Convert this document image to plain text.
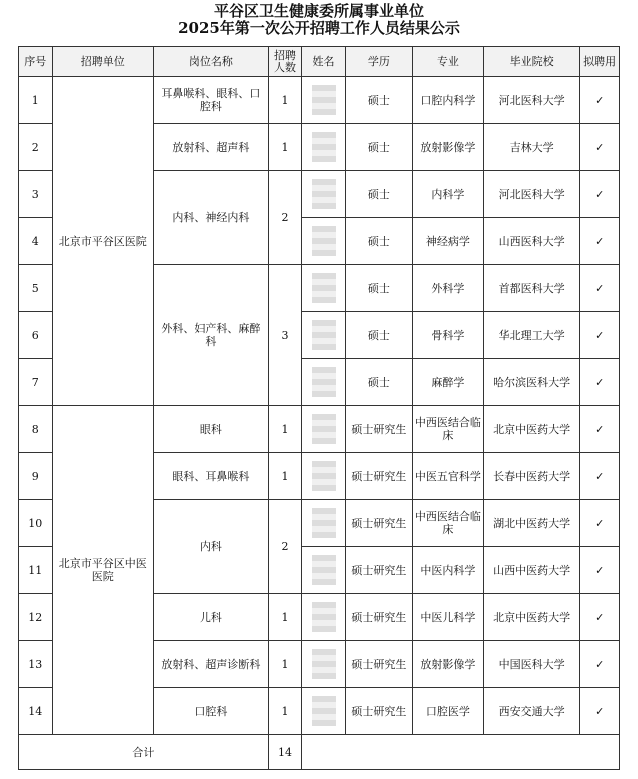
平谷区卫生健康委所属事业单位
2025年第一次公开招聘工作人员结果公示
序号	招聘单位	岗位名称	招聘人数	姓名	学历	专业	毕业院校	拟聘用
1	北京市平谷区医院	耳鼻喉科、眼科、口腔科	1		硕士	口腔内科学	河北医科大学	✓
2		放射科、超声科	1		硕士	放射影像学	吉林大学	✓
3		内科、神经内科	2		硕士	内科学	河北医科大学	✓
4					硕士	神经病学	山西医科大学	✓
5		外科、妇产科、麻醉科	3		硕士	外科学	首都医科大学	✓
6					硕士	骨科学	华北理工大学	✓
7					硕士	麻醉学	哈尔滨医科大学	✓
8	北京市平谷区中医医院	眼科	1		硕士研究生	中西医结合临床	北京中医药大学	✓
9		眼科、耳鼻喉科	1		硕士研究生	中医五官科学	长春中医药大学	✓
10		内科	2		硕士研究生	中西医结合临床	湖北中医药大学	✓
11					硕士研究生	中医内科学	山西中医药大学	✓
12		儿科	1		硕士研究生	中医儿科学	北京中医药大学	✓
13		放射科、超声诊断科	1		硕士研究生	放射影像学	中国医科大学	✓
14		口腔科	1		硕士研究生	口腔医学	西安交通大学	✓
合计			14					
